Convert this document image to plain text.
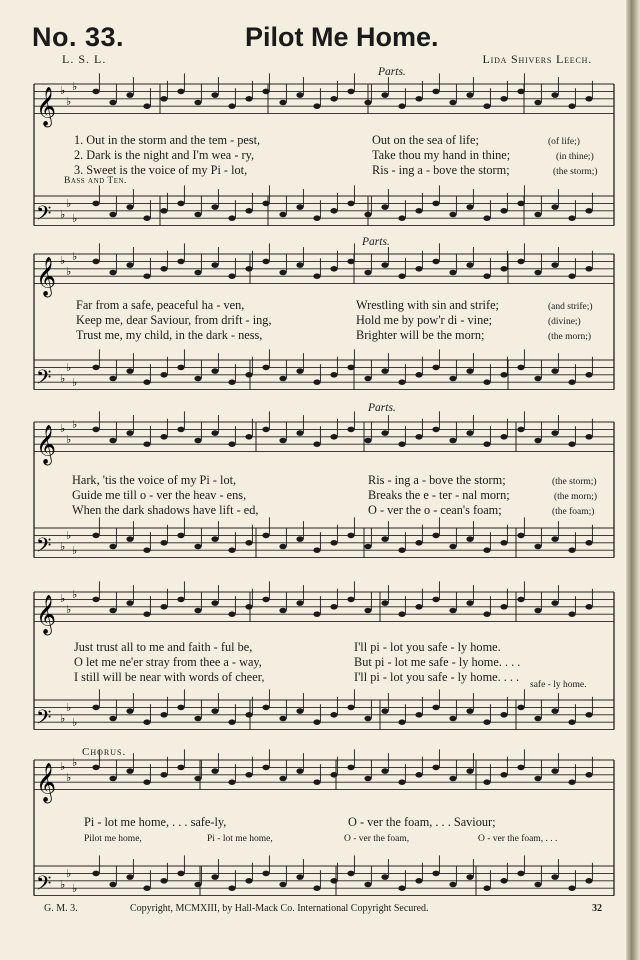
No. 33.	Pilot Me Home.
L. S. L.	Lida Shivers Leech.
𝄞 ♭
♭
♭
𝄢 ♭
♭
♭
𝄞 ♭
♭
♭
𝄢 ♭
♭
♭
𝄞 ♭
♭
♭
𝄢 ♭
♭
♭
𝄞 ♭
♭
♭
𝄢 ♭
♭
♭
𝄞 ♭
♭
♭
𝄢 ♭
♭
♭
Parts.
Parts.
Parts.
Bass and Ten.
Chorus.
1. Out in the storm and the tem - pest,	Out on the sea of life;	(of life;)
2. Dark is the night and I'm wea - ry,	Take thou my hand in thine;	(in thine;)
3. Sweet is the voice of my Pi - lot,	Ris - ing a - bove the storm;	(the storm;)
Far from a safe, peaceful ha - ven,	Wrestling with sin and strife;	(and strife;)
Keep me, dear Saviour, from drift - ing,	Hold me by pow'r di - vine;	(divine;)
Trust me, my child, in the dark - ness,	Brighter will be the morn;	(the morn;)
Hark, 'tis the voice of my Pi - lot,	Ris - ing a - bove the storm;	(the storm;)
Guide me till o - ver the heav - ens,	Breaks the e - ter - nal morn;	(the morn;)
When the dark shadows have lift - ed,	O - ver the o - cean's foam;	(the foam;)
Just trust all to me and faith - ful be,	I'll pi - lot you safe - ly home.
O let me ne'er stray from thee a - way,	But pi - lot me safe - ly home. . . .
I still will be near with words of cheer,	I'll pi - lot you safe - ly home. . . .
safe - ly home.
Pi - lot me home, . . . safe-ly,	O - ver the foam, . . . Saviour;
Pilot me home,	Pi - lot me home,	O - ver the foam,	O - ver the foam, . . .
G. M. 3.	Copyright, MCMXIII, by Hall-Mack Co. International Copyright Secured.	32
